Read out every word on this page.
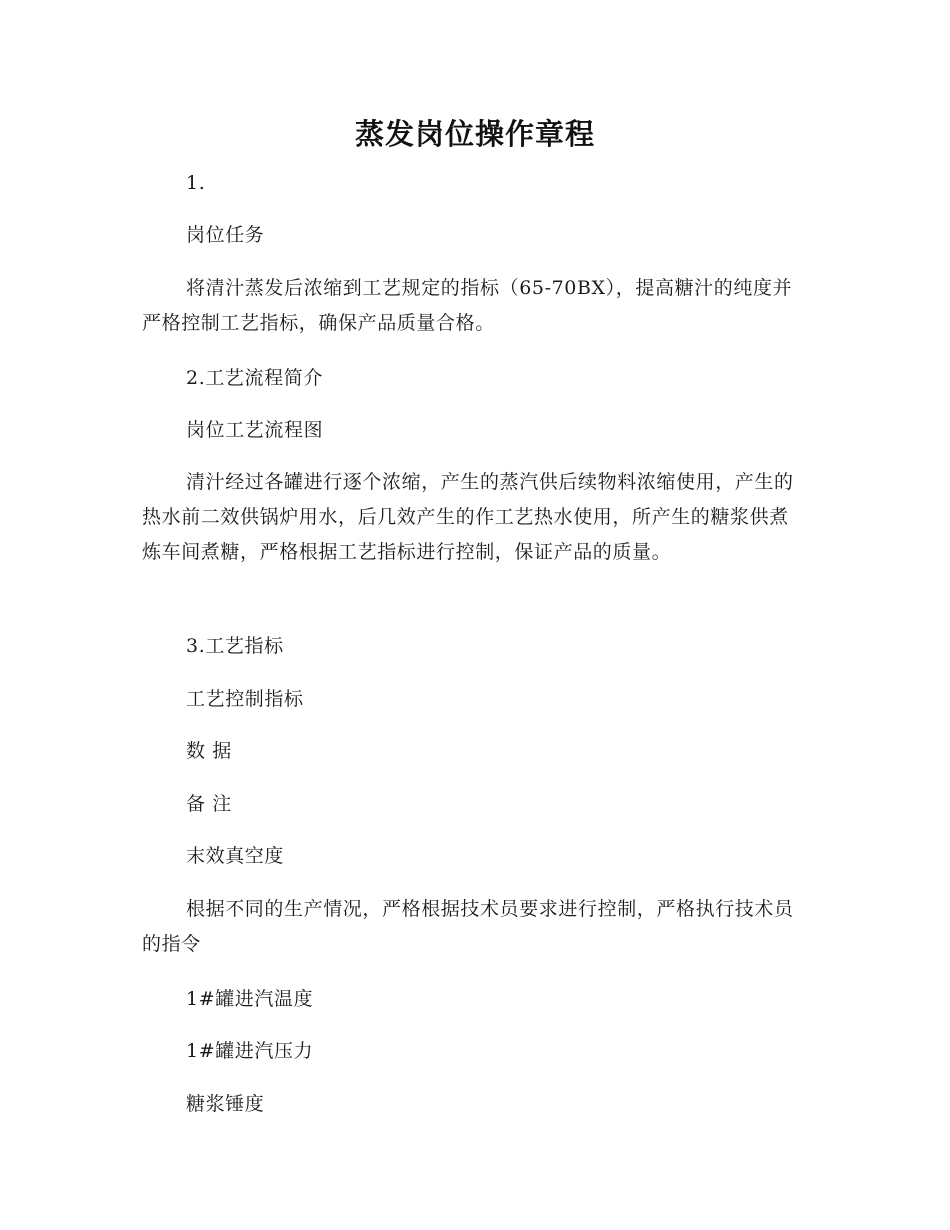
蒸发岗位操作章程

1.

岗位任务

将清汁蒸发后浓缩到工艺规定的指标（65-70BX），提高糖汁的纯度并严格控制工艺指标，确保产品质量合格。

2.工艺流程简介

岗位工艺流程图

清汁经过各罐进行逐个浓缩，产生的蒸汽供后续物料浓缩使用，产生的热水前二效供锅炉用水，后几效产生的作工艺热水使用，所产生的糖浆供煮炼车间煮糖，严格根据工艺指标进行控制，保证产品的质量。

3.工艺指标

工艺控制指标

数 据

备 注

末效真空度

根据不同的生产情况，严格根据技术员要求进行控制，严格执行技术员的指令

1#罐进汽温度

1#罐进汽压力

糖浆锤度
